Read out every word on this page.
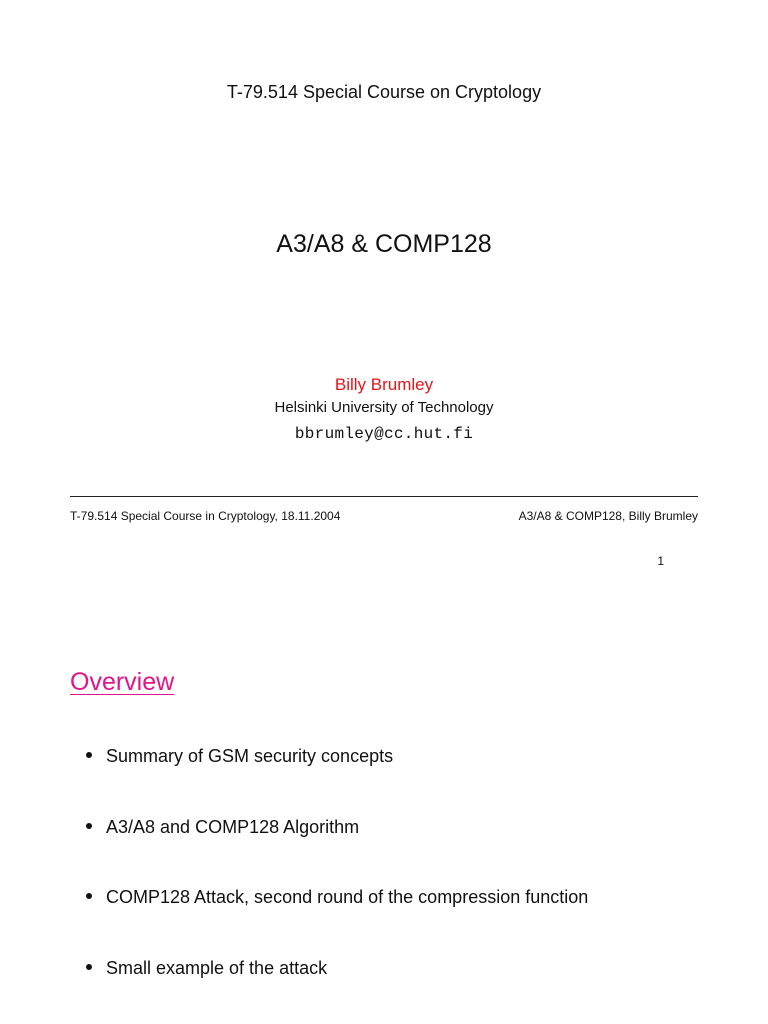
T-79.514 Special Course on Cryptology
A3/A8 & COMP128
Billy Brumley
Helsinki University of Technology
bbrumley@cc.hut.fi
T-79.514 Special Course in Cryptology, 18.11.2004	A3/A8 & COMP128, Billy Brumley
1
Overview
Summary of GSM security concepts
A3/A8 and COMP128 Algorithm
COMP128 Attack, second round of the compression function
Small example of the attack
